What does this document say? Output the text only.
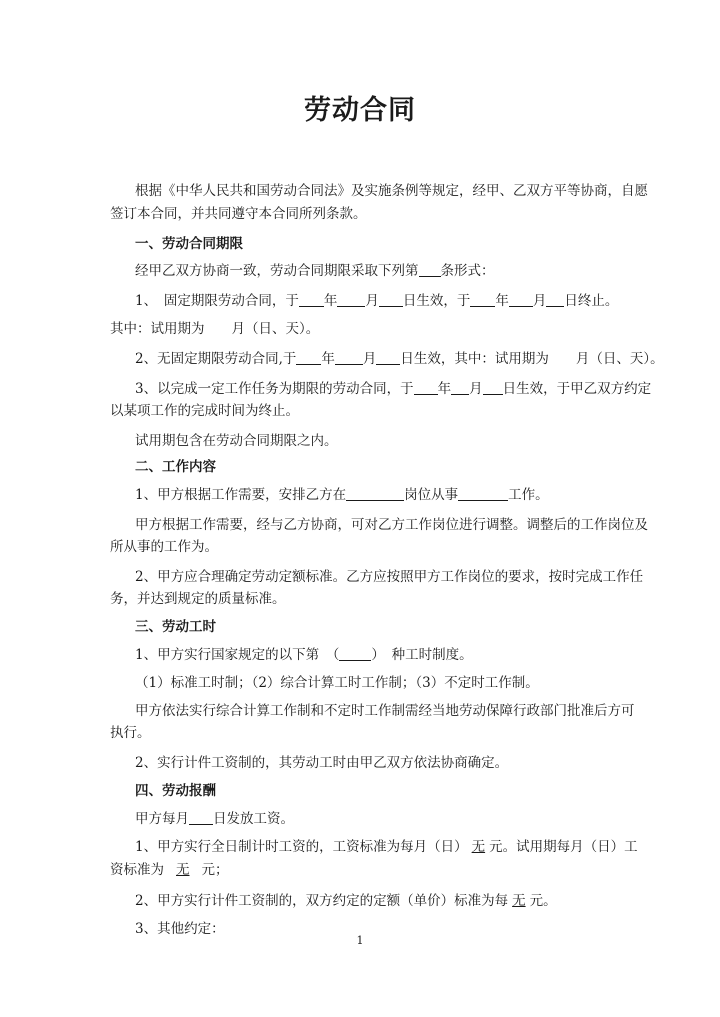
劳动合同
根据《中华人民共和国劳动合同法》及实施条例等规定，经甲、乙双方平等协商，自愿
签订本合同，并共同遵守本合同所列条款。
一、劳动合同期限
经甲乙双方协商一致，劳动合同期限采取下列第 条形式：
1、　固定期限劳动合同，于 年 月 日生效，于 年 月 日终止。
其中：试用期为　　月（日、天）。
2、无固定期限劳动合同,于 年 月 日生效，其中：试用期为　　月（日、天）。
3、以完成一定工作任务为期限的劳动合同，于 年 月 日生效，于甲乙双方约定
以某项工作的完成时间为终止。
试用期包含在劳动合同期限之内。
二、工作内容
1、甲方根据工作需要，安排乙方在	岗位从事	工作。
甲方根据工作需要，经与乙方协商，可对乙方工作岗位进行调整。调整后的工作岗位及
所从事的工作为。
2、甲方应合理确定劳动定额标准。乙方应按照甲方工作岗位的要求，按时完成工作任
务，并达到规定的质量标准。
三、劳动工时
1、甲方实行国家规定的以下第　（ ）　种工时制度。
（1）标准工时制；（2）综合计算工时工作制；（3）不定时工作制。
甲方依法实行综合计算工作制和不定时工作制需经当地劳动保障行政部门批准后方可
执行。
2、实行计件工资制的，其劳动工时由甲乙双方依法协商确定。
四、劳动报酬
甲方每月 日发放工资。
1、甲方实行全日制计时工资的，工资标准为每月（日） 无 元。试用期每月（日）工
资标准为 无 元；
2、甲方实行计件工资制的，双方约定的定额（单价）标准为每 无 元。
3、其他约定：
1
